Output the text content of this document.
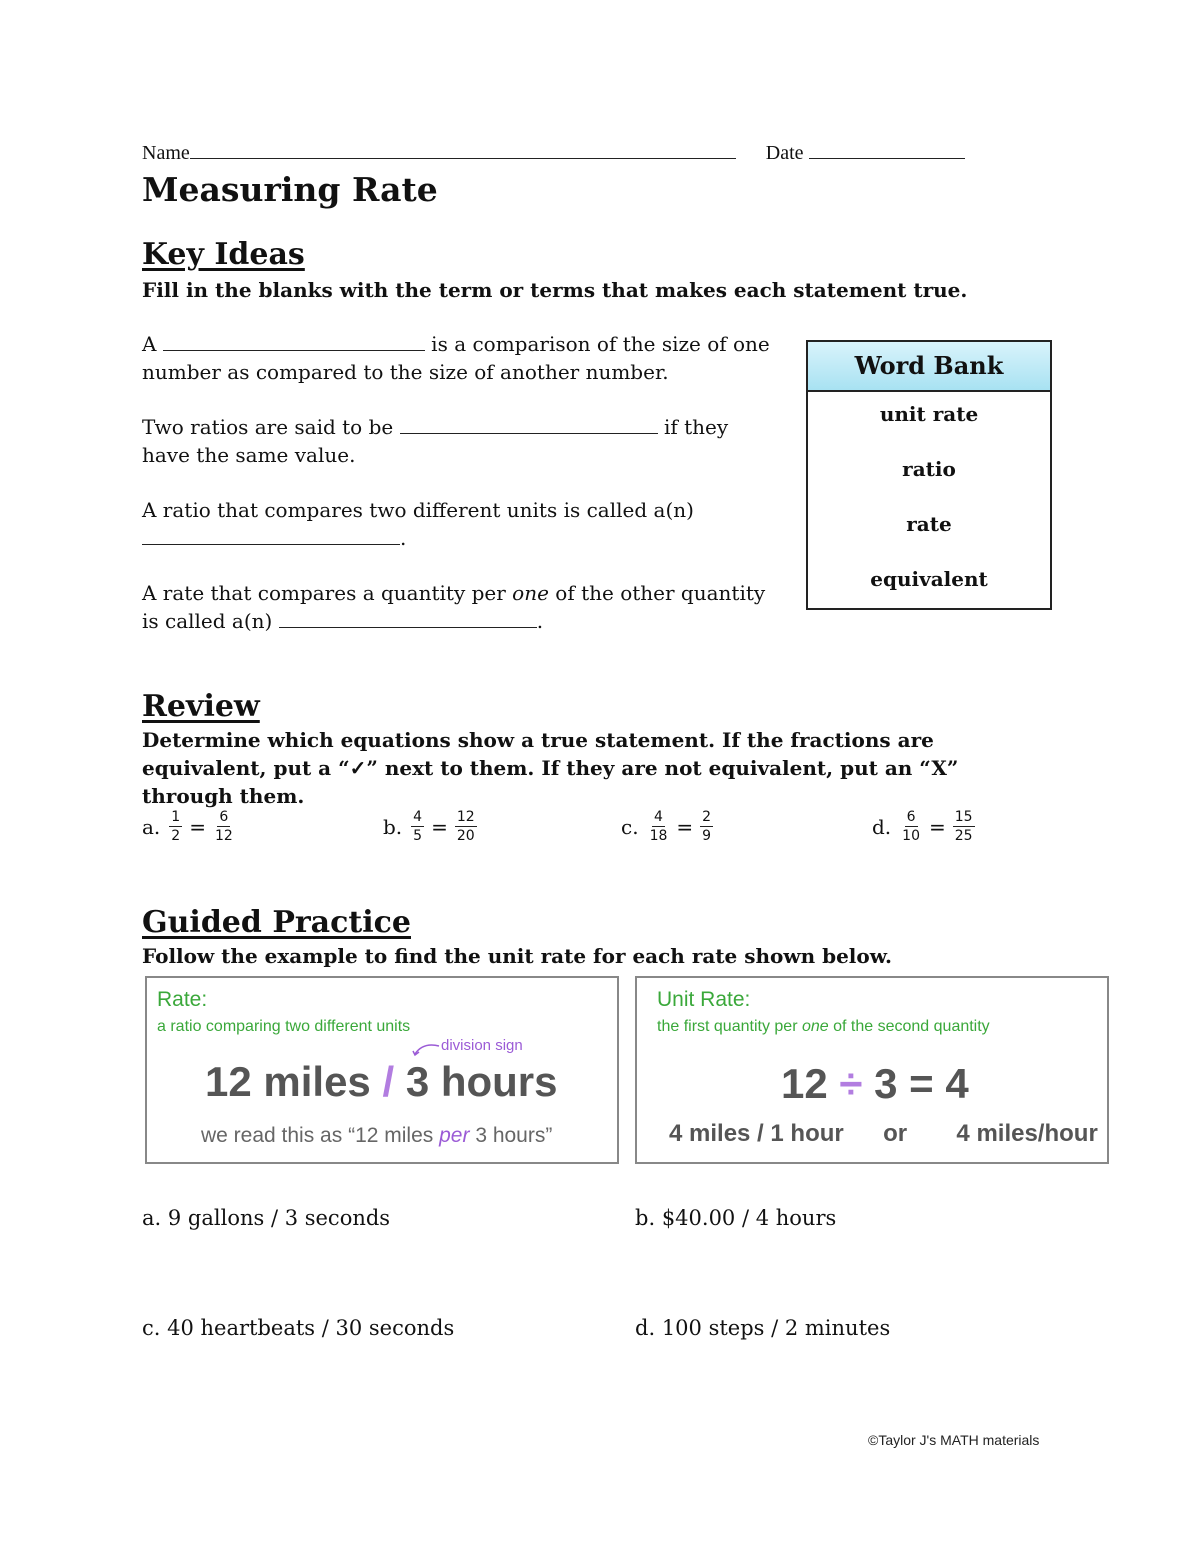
Name	Date
Measuring Rate
Key Ideas
Fill in the blanks with the term or terms that makes each statement true.
A	is a comparison of the size of one number as compared to the size of another number.
Two ratios are said to be	if they have the same value.
A ratio that compares two different units is called a(n)
.
A rate that compares a quantity per one of the other quantity is called a(n)	.
Word Bank
unit rate
ratio
rate
equivalent
Review
Determine which equations show a true statement. If the fractions are equivalent, put a “✓” next to them. If they are not equivalent, put an “X” through them.
a. $\frac{1}{2} = \frac{6}{12}$	b. $\frac{4}{5} = \frac{12}{20}$	c. $\frac{4}{18} = \frac{2}{9}$	d. $\frac{6}{10} = \frac{15}{25}$
Guided Practice
Follow the example to find the unit rate for each rate shown below.
Rate:
a ratio comparing two different units
division sign
12 miles / 3 hours
we read this as “12 miles per 3 hours”
Unit Rate:
the first quantity per one of the second quantity
12 ÷ 3 = 4
4 miles / 1 hour or 4 miles/hour
a. 9 gallons / 3 seconds	b. $40.00 / 4 hours
c. 40 heartbeats / 30 seconds	d. 100 steps / 2 minutes
©Taylor J's MATH materials
